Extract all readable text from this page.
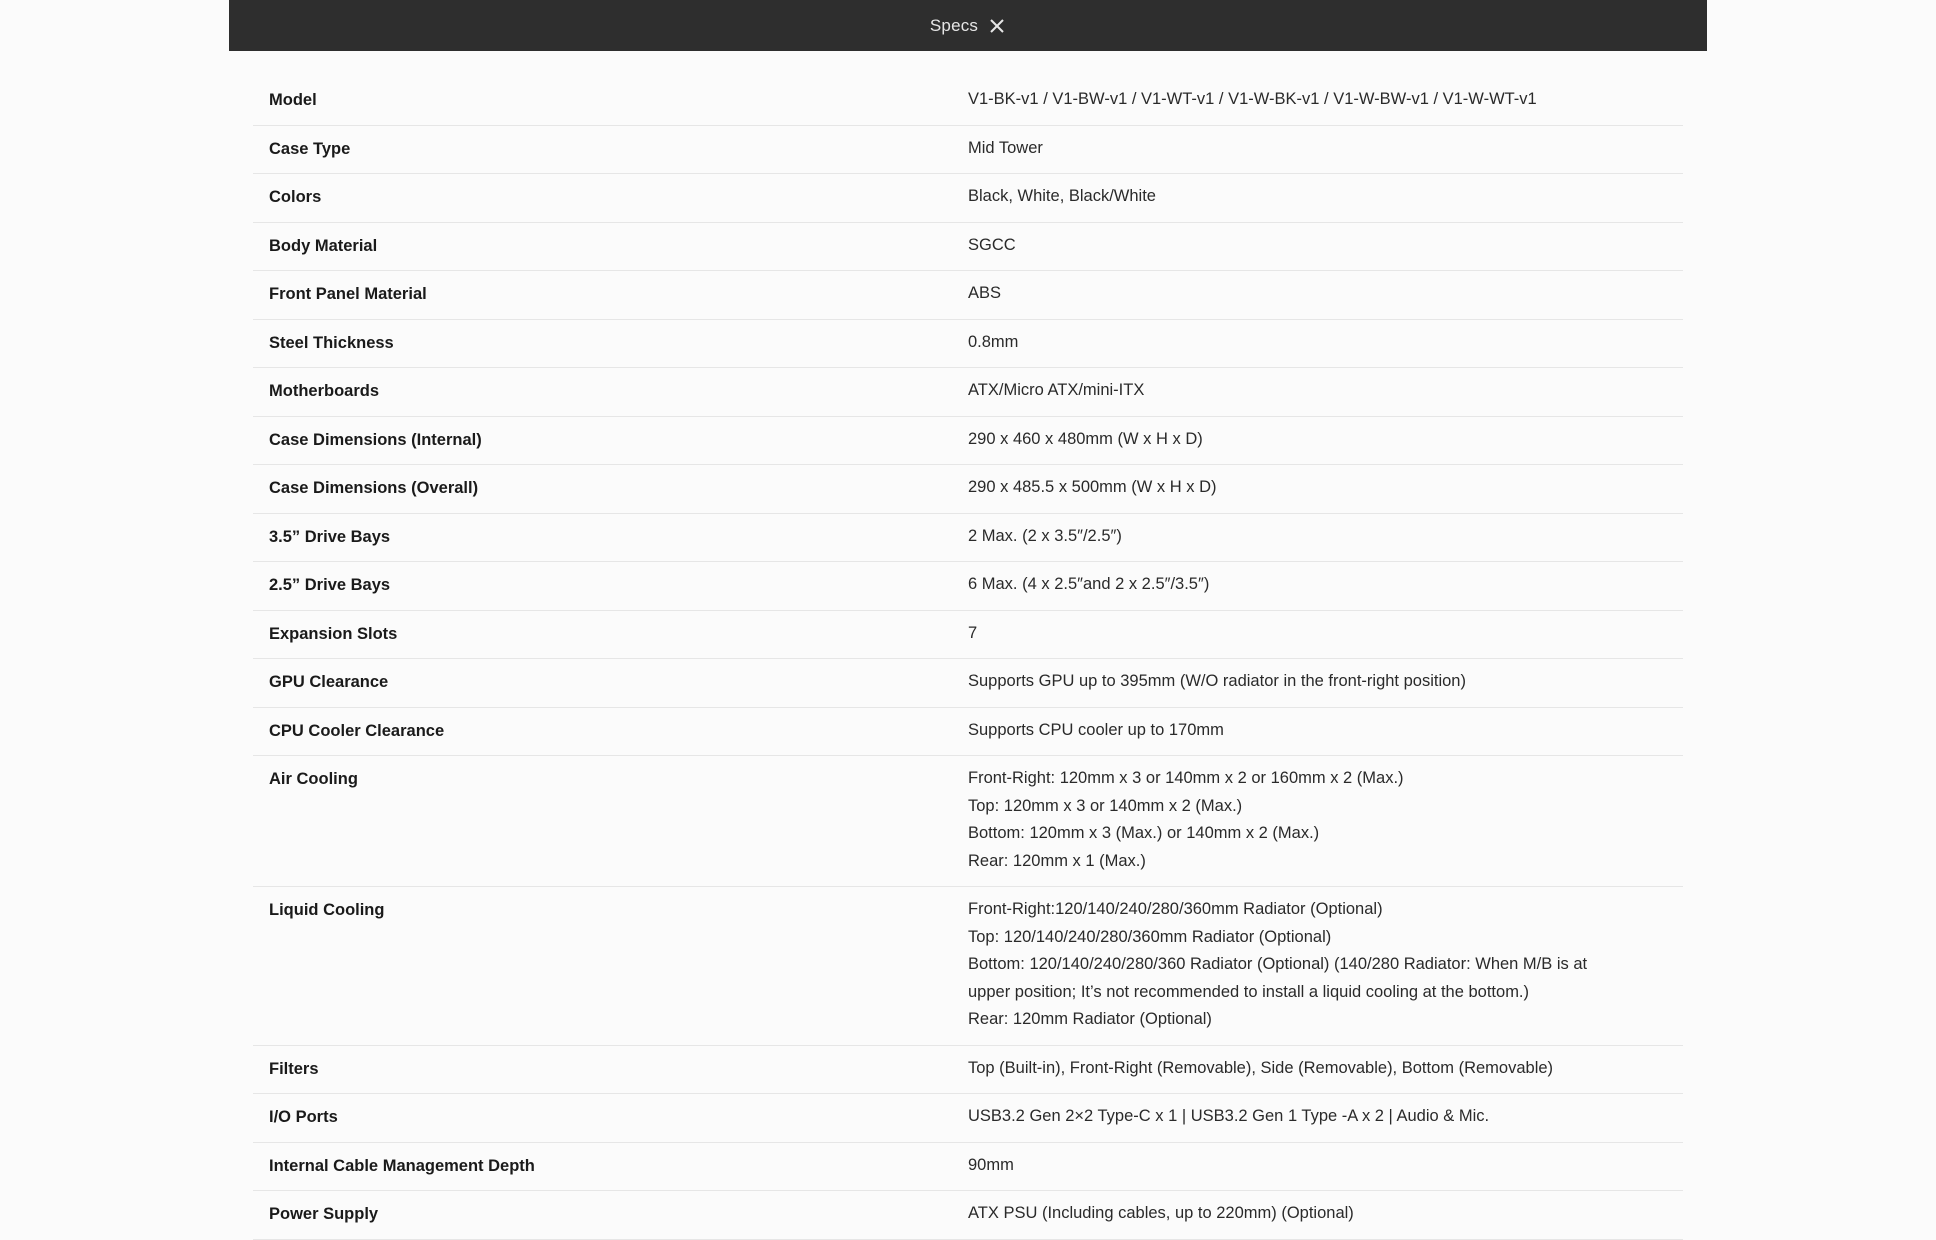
Specs
Model	V1-BK-v1 / V1-BW-v1 / V1-WT-v1 / V1-W-BK-v1 / V1-W-BW-v1 / V1-W-WT-v1
Case Type	Mid Tower
Colors	Black, White, Black/White
Body Material	SGCC
Front Panel Material	ABS
Steel Thickness	0.8mm
Motherboards	ATX/Micro ATX/mini-ITX
Case Dimensions (Internal)	290 x 460 x 480mm (W x H x D)
Case Dimensions (Overall)	290 x 485.5 x 500mm (W x H x D)
3.5” Drive Bays	2 Max. (2 x 3.5″/2.5″)
2.5” Drive Bays	6 Max. (4 x 2.5″and 2 x 2.5″/3.5″)
Expansion Slots	7
GPU Clearance	Supports GPU up to 395mm (W/O radiator in the front-right position)
CPU Cooler Clearance	Supports CPU cooler up to 170mm
Air Cooling	Front-Right: 120mm x 3 or 140mm x 2 or 160mm x 2 (Max.)
Top: 120mm x 3 or 140mm x 2 (Max.)
Bottom: 120mm x 3 (Max.) or 140mm x 2 (Max.)
Rear: 120mm x 1 (Max.)
Liquid Cooling	Front-Right:120/140/240/280/360mm Radiator (Optional)
Top: 120/140/240/280/360mm Radiator (Optional)
Bottom: 120/140/240/280/360 Radiator (Optional) (140/280 Radiator: When M/B is at
upper position; It’s not recommended to install a liquid cooling at the bottom.)
Rear: 120mm Radiator (Optional)
Filters	Top (Built-in), Front-Right (Removable), Side (Removable), Bottom (Removable)
I/O Ports	USB3.2 Gen 2×2 Type-C x 1 | USB3.2 Gen 1 Type -A x 2 | Audio & Mic.
Internal Cable Management Depth	90mm
Power Supply	ATX PSU (Including cables, up to 220mm) (Optional)
